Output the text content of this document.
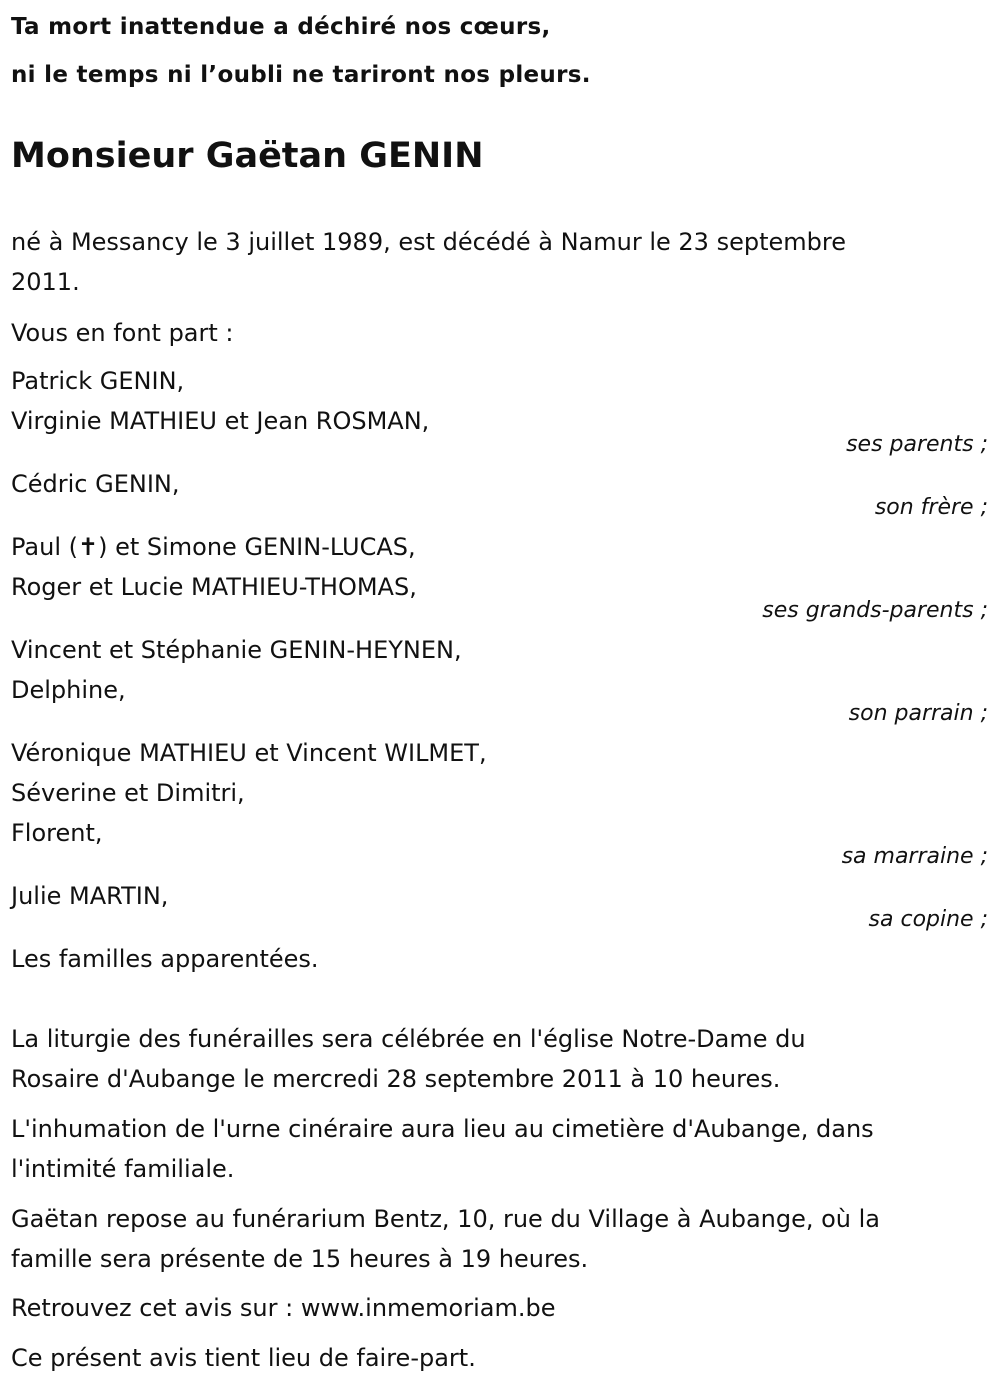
Ta mort inattendue a déchiré nos cœurs,
ni le temps ni l’oubli ne tariront nos pleurs.
Monsieur Gaëtan GENIN
né à Messancy le 3 juillet 1989, est décédé à Namur le 23 septembre
2011.
Vous en font part :
Patrick GENIN,
Virginie MATHIEU et Jean ROSMAN,
ses parents ;
Cédric GENIN,
son frère ;
Paul (✝) et Simone GENIN-LUCAS,
Roger et Lucie MATHIEU-THOMAS,
ses grands-parents ;
Vincent et Stéphanie GENIN-HEYNEN,
Delphine,
son parrain ;
Véronique MATHIEU et Vincent WILMET,
Séverine et Dimitri,
Florent,
sa marraine ;
Julie MARTIN,
sa copine ;
Les familles apparentées.
La liturgie des funérailles sera célébrée en l'église Notre-Dame du
Rosaire d'Aubange le mercredi 28 septembre 2011 à 10 heures.
L'inhumation de l'urne cinéraire aura lieu au cimetière d'Aubange, dans
l'intimité familiale.
Gaëtan repose au funérarium Bentz, 10, rue du Village à Aubange, où la
famille sera présente de 15 heures à 19 heures.
Retrouvez cet avis sur : www.inmemoriam.be
Ce présent avis tient lieu de faire-part.
